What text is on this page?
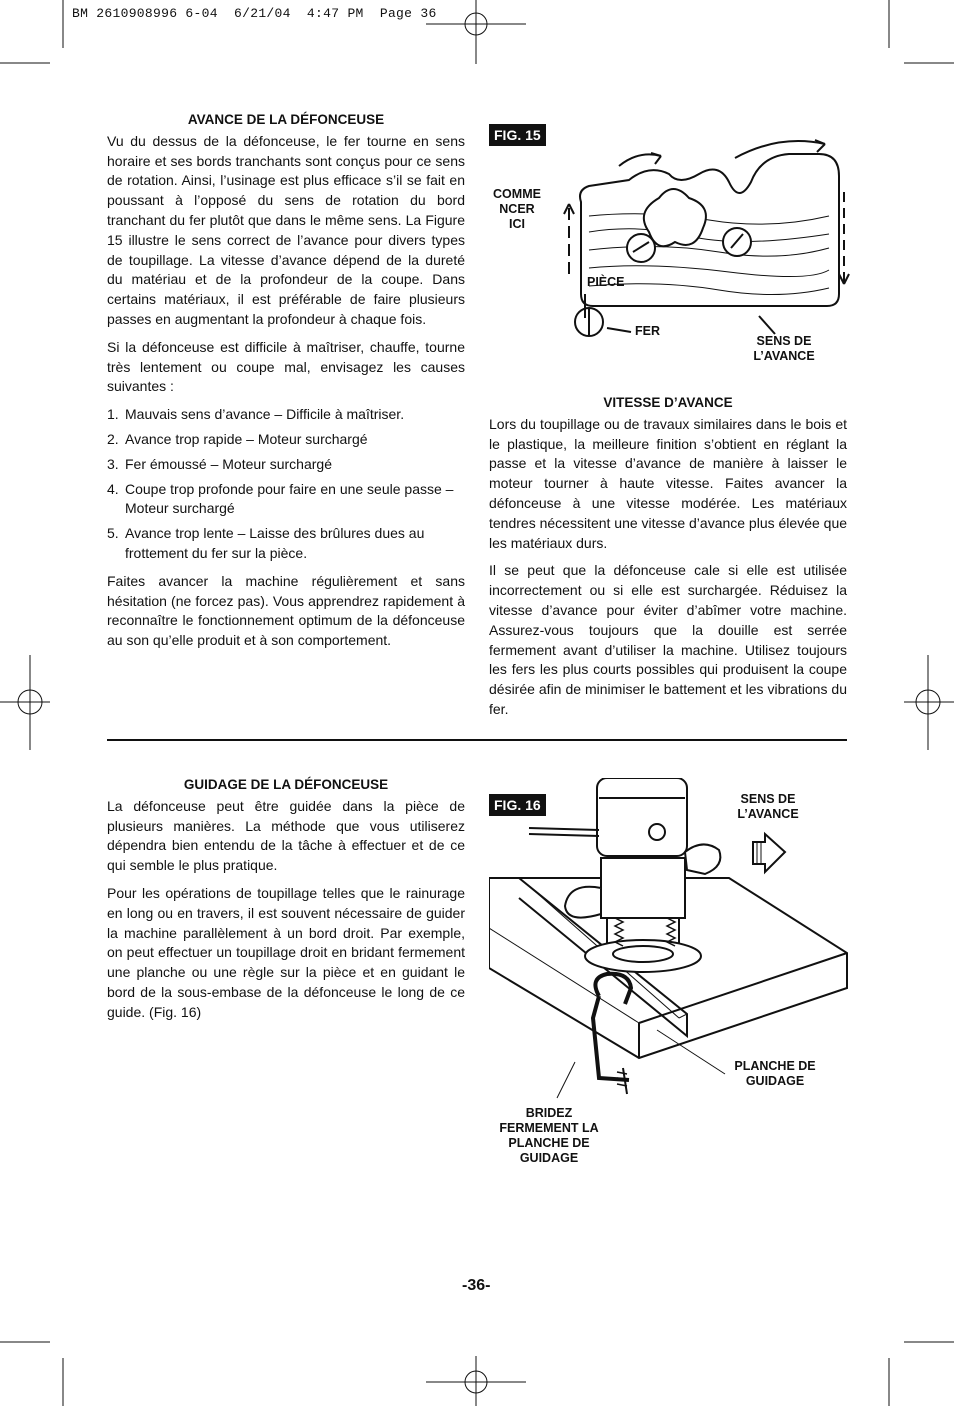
BM 2610908996 6-04  6/21/04  4:47 PM  Page 36
AVANCE DE LA DÉFONCEUSE

Vu du dessus de la défonceuse, le fer tourne en sens horaire et ses bords tranchants sont conçus pour ce sens de rotation. Ainsi, l’usinage est plus efficace s’il se fait en poussant à l’opposé du sens de rotation du bord tranchant du fer plutôt que dans le même sens. La Figure 15 illustre le sens correct de l’avance pour divers types de toupillage. La vitesse d’avance dépend de la dureté du matériau et de la profondeur de la coupe. Dans certains matériaux, il est préférable de faire plusieurs passes en augmentant la profondeur à chaque fois.

Si la défonceuse est difficile à maîtriser, chauffe, tourne très lentement ou coupe mal, envisagez les causes suivantes :

1. Mauvais sens d’avance – Difficile à maîtriser.
2. Avance trop rapide – Moteur surchargé
3. Fer émoussé – Moteur surchargé
4. Coupe trop profonde pour faire en une seule passe – Moteur surchargé
5. Avance trop lente – Laisse des brûlures dues au frottement du fer sur la pièce.

Faites avancer la machine régulièrement et sans hésitation (ne forcez pas). Vous apprendrez rapidement à reconnaître le fonctionnement optimum de la défonceuse au son qu’elle produit et à son comportement.

FIG. 15
COMME
NCER
ICI
PIÈCE
FER
SENS DE
L’AVANCE
VITESSE D’AVANCE

Lors du toupillage ou de travaux similaires dans le bois et le plastique, la meilleure finition s’obtient en réglant la passe et la vitesse d’avance de manière à laisser le moteur tourner à haute vitesse. Faites avancer la défonceuse à une vitesse modérée. Les matériaux tendres nécessitent une vitesse d’avance plus élevée que les matériaux durs.

Il se peut que la défonceuse cale si elle est utilisée incorrectement ou si elle est surchargée. Réduisez la vitesse d’avance pour éviter d’abîmer votre machine. Assurez-vous toujours que la douille est serrée fermement avant d’utiliser la machine. Utilisez toujours les fers les plus courts possibles qui produisent la coupe désirée afin de minimiser le battement et les vibrations du fer.

GUIDAGE DE LA DÉFONCEUSE

La défonceuse peut être guidée dans la pièce de plusieurs manières. La méthode que vous utiliserez dépendra bien entendu de la tâche à effectuer et de ce qui semble le plus pratique.

Pour les opérations de toupillage telles que le rainurage en long ou en travers, il est souvent nécessaire de guider la machine parallèlement à un bord droit. Par exemple, on peut effectuer un toupillage droit en bridant fermement une planche ou une règle sur la pièce et en guidant le bord de la sous-embase de la défonceuse le long de ce guide. (Fig. 16)

FIG. 16	SENS DE
L’AVANCE
PLANCHE DE
GUIDAGE
BRIDEZ
FERMEMENT LA
PLANCHE DE
GUIDAGE
-36-
